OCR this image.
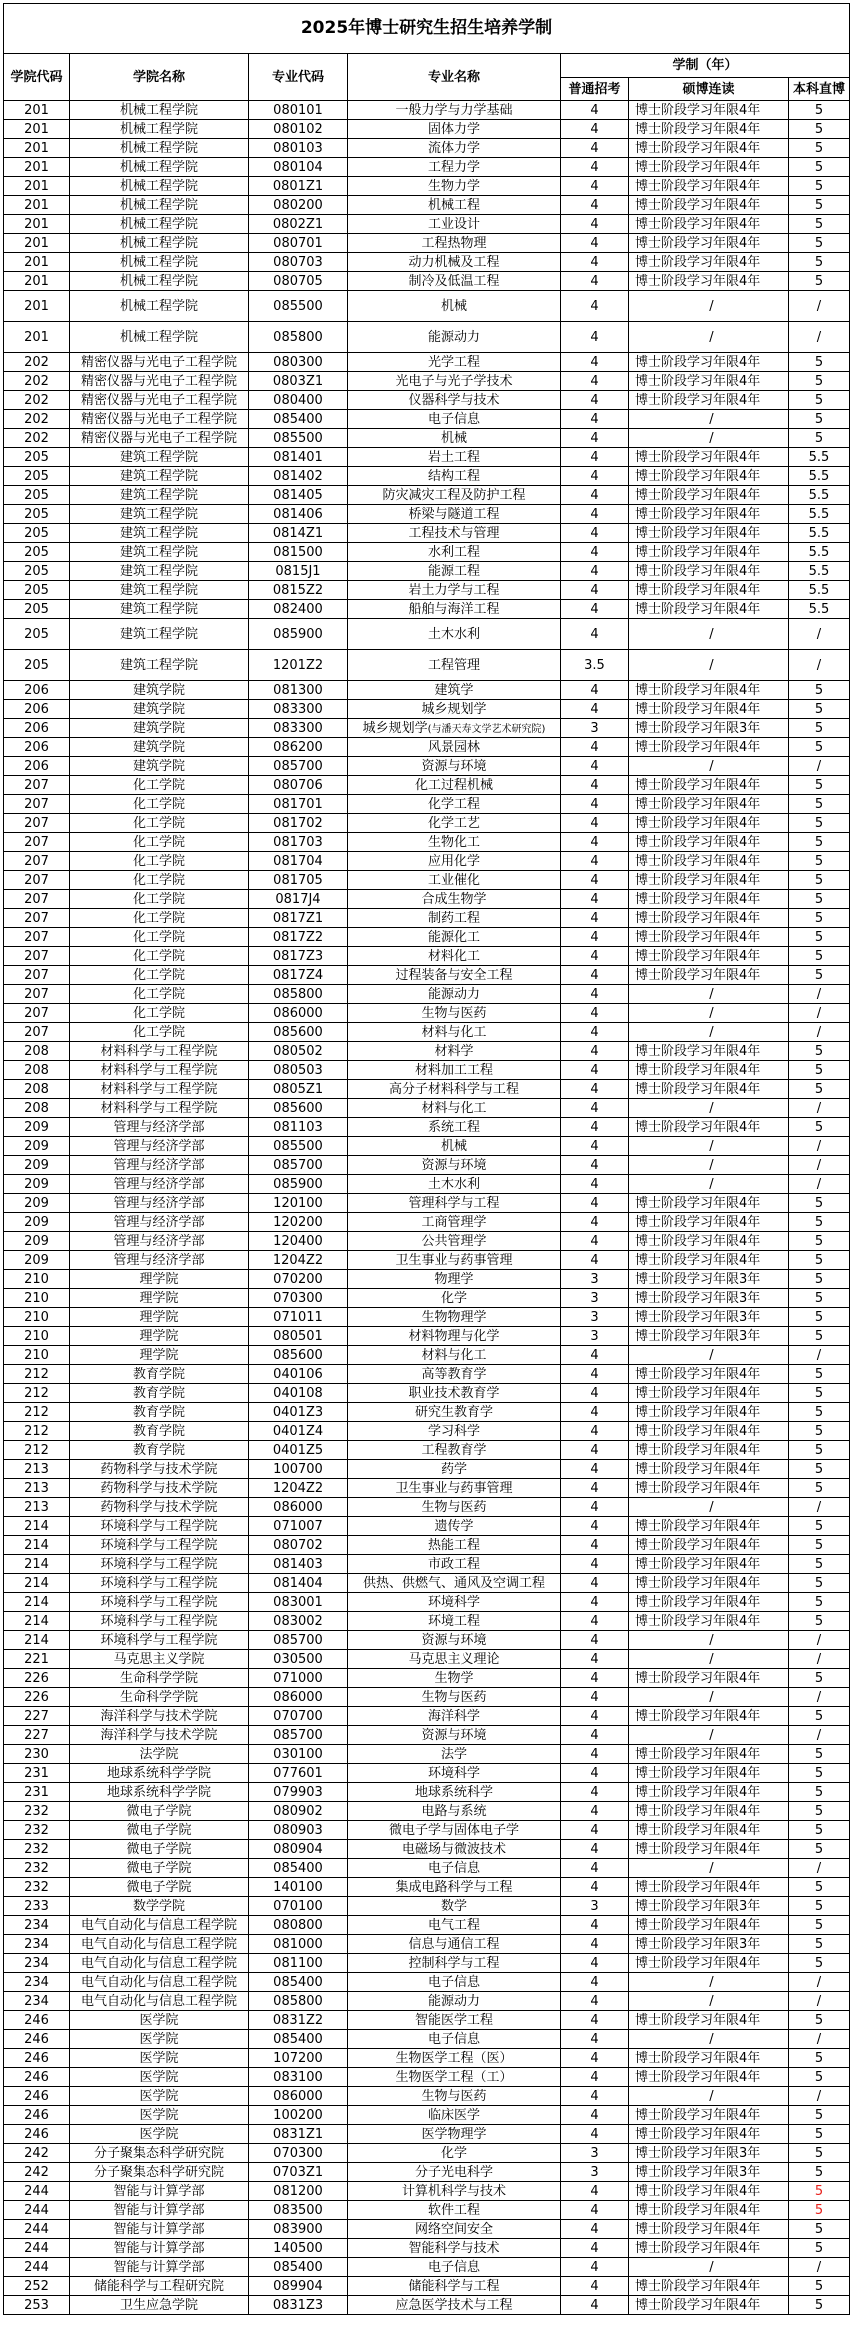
2025年博士研究生招生培养学制						
学院代码	学院名称	专业代码	专业名称	学制（年）		
				普通招考	硕博连读	本科直博
201	机械工程学院	080101	一般力学与力学基础	4	博士阶段学习年限4年	5
201	机械工程学院	080102	固体力学	4	博士阶段学习年限4年	5
201	机械工程学院	080103	流体力学	4	博士阶段学习年限4年	5
201	机械工程学院	080104	工程力学	4	博士阶段学习年限4年	5
201	机械工程学院	0801Z1	生物力学	4	博士阶段学习年限4年	5
201	机械工程学院	080200	机械工程	4	博士阶段学习年限4年	5
201	机械工程学院	0802Z1	工业设计	4	博士阶段学习年限4年	5
201	机械工程学院	080701	工程热物理	4	博士阶段学习年限4年	5
201	机械工程学院	080703	动力机械及工程	4	博士阶段学习年限4年	5
201	机械工程学院	080705	制冷及低温工程	4	博士阶段学习年限4年	5
201	机械工程学院	085500	机械	4	/	/
201	机械工程学院	085800	能源动力	4	/	/
202	精密仪器与光电子工程学院	080300	光学工程	4	博士阶段学习年限4年	5
202	精密仪器与光电子工程学院	0803Z1	光电子与光子学技术	4	博士阶段学习年限4年	5
202	精密仪器与光电子工程学院	080400	仪器科学与技术	4	博士阶段学习年限4年	5
202	精密仪器与光电子工程学院	085400	电子信息	4	/	5
202	精密仪器与光电子工程学院	085500	机械	4	/	5
205	建筑工程学院	081401	岩土工程	4	博士阶段学习年限4年	5.5
205	建筑工程学院	081402	结构工程	4	博士阶段学习年限4年	5.5
205	建筑工程学院	081405	防灾减灾工程及防护工程	4	博士阶段学习年限4年	5.5
205	建筑工程学院	081406	桥梁与隧道工程	4	博士阶段学习年限4年	5.5
205	建筑工程学院	0814Z1	工程技术与管理	4	博士阶段学习年限4年	5.5
205	建筑工程学院	081500	水利工程	4	博士阶段学习年限4年	5.5
205	建筑工程学院	0815J1	能源工程	4	博士阶段学习年限4年	5.5
205	建筑工程学院	0815Z2	岩土力学与工程	4	博士阶段学习年限4年	5.5
205	建筑工程学院	082400	船舶与海洋工程	4	博士阶段学习年限4年	5.5
205	建筑工程学院	085900	土木水利	4	/	/
205	建筑工程学院	1201Z2	工程管理	3.5	/	/
206	建筑学院	081300	建筑学	4	博士阶段学习年限4年	5
206	建筑学院	083300	城乡规划学	4	博士阶段学习年限4年	5
206	建筑学院	083300	城乡规划学(与潘天寿文学艺术研究院)	3	博士阶段学习年限3年	5
206	建筑学院	086200	风景园林	4	博士阶段学习年限4年	5
206	建筑学院	085700	资源与环境	4	/	/
207	化工学院	080706	化工过程机械	4	博士阶段学习年限4年	5
207	化工学院	081701	化学工程	4	博士阶段学习年限4年	5
207	化工学院	081702	化学工艺	4	博士阶段学习年限4年	5
207	化工学院	081703	生物化工	4	博士阶段学习年限4年	5
207	化工学院	081704	应用化学	4	博士阶段学习年限4年	5
207	化工学院	081705	工业催化	4	博士阶段学习年限4年	5
207	化工学院	0817J4	合成生物学	4	博士阶段学习年限4年	5
207	化工学院	0817Z1	制药工程	4	博士阶段学习年限4年	5
207	化工学院	0817Z2	能源化工	4	博士阶段学习年限4年	5
207	化工学院	0817Z3	材料化工	4	博士阶段学习年限4年	5
207	化工学院	0817Z4	过程装备与安全工程	4	博士阶段学习年限4年	5
207	化工学院	085800	能源动力	4	/	/
207	化工学院	086000	生物与医药	4	/	/
207	化工学院	085600	材料与化工	4	/	/
208	材料科学与工程学院	080502	材料学	4	博士阶段学习年限4年	5
208	材料科学与工程学院	080503	材料加工工程	4	博士阶段学习年限4年	5
208	材料科学与工程学院	0805Z1	高分子材料科学与工程	4	博士阶段学习年限4年	5
208	材料科学与工程学院	085600	材料与化工	4	/	/
209	管理与经济学部	081103	系统工程	4	博士阶段学习年限4年	5
209	管理与经济学部	085500	机械	4	/	/
209	管理与经济学部	085700	资源与环境	4	/	/
209	管理与经济学部	085900	土木水利	4	/	/
209	管理与经济学部	120100	管理科学与工程	4	博士阶段学习年限4年	5
209	管理与经济学部	120200	工商管理学	4	博士阶段学习年限4年	5
209	管理与经济学部	120400	公共管理学	4	博士阶段学习年限4年	5
209	管理与经济学部	1204Z2	卫生事业与药事管理	4	博士阶段学习年限4年	5
210	理学院	070200	物理学	3	博士阶段学习年限3年	5
210	理学院	070300	化学	3	博士阶段学习年限3年	5
210	理学院	071011	生物物理学	3	博士阶段学习年限3年	5
210	理学院	080501	材料物理与化学	3	博士阶段学习年限3年	5
210	理学院	085600	材料与化工	4	/	/
212	教育学院	040106	高等教育学	4	博士阶段学习年限4年	5
212	教育学院	040108	职业技术教育学	4	博士阶段学习年限4年	5
212	教育学院	0401Z3	研究生教育学	4	博士阶段学习年限4年	5
212	教育学院	0401Z4	学习科学	4	博士阶段学习年限4年	5
212	教育学院	0401Z5	工程教育学	4	博士阶段学习年限4年	5
213	药物科学与技术学院	100700	药学	4	博士阶段学习年限4年	5
213	药物科学与技术学院	1204Z2	卫生事业与药事管理	4	博士阶段学习年限4年	5
213	药物科学与技术学院	086000	生物与医药	4	/	/
214	环境科学与工程学院	071007	遗传学	4	博士阶段学习年限4年	5
214	环境科学与工程学院	080702	热能工程	4	博士阶段学习年限4年	5
214	环境科学与工程学院	081403	市政工程	4	博士阶段学习年限4年	5
214	环境科学与工程学院	081404	供热、供燃气、通风及空调工程	4	博士阶段学习年限4年	5
214	环境科学与工程学院	083001	环境科学	4	博士阶段学习年限4年	5
214	环境科学与工程学院	083002	环境工程	4	博士阶段学习年限4年	5
214	环境科学与工程学院	085700	资源与环境	4	/	/
221	马克思主义学院	030500	马克思主义理论	4	/	/
226	生命科学学院	071000	生物学	4	博士阶段学习年限4年	5
226	生命科学学院	086000	生物与医药	4	/	/
227	海洋科学与技术学院	070700	海洋科学	4	博士阶段学习年限4年	5
227	海洋科学与技术学院	085700	资源与环境	4	/	/
230	法学院	030100	法学	4	博士阶段学习年限4年	5
231	地球系统科学学院	077601	环境科学	4	博士阶段学习年限4年	5
231	地球系统科学学院	079903	地球系统科学	4	博士阶段学习年限4年	5
232	微电子学院	080902	电路与系统	4	博士阶段学习年限4年	5
232	微电子学院	080903	微电子学与固体电子学	4	博士阶段学习年限4年	5
232	微电子学院	080904	电磁场与微波技术	4	博士阶段学习年限4年	5
232	微电子学院	085400	电子信息	4	/	/
232	微电子学院	140100	集成电路科学与工程	4	博士阶段学习年限4年	5
233	数学学院	070100	数学	3	博士阶段学习年限3年	5
234	电气自动化与信息工程学院	080800	电气工程	4	博士阶段学习年限4年	5
234	电气自动化与信息工程学院	081000	信息与通信工程	4	博士阶段学习年限3年	5
234	电气自动化与信息工程学院	081100	控制科学与工程	4	博士阶段学习年限4年	5
234	电气自动化与信息工程学院	085400	电子信息	4	/	/
234	电气自动化与信息工程学院	085800	能源动力	4	/	/
246	医学院	0831Z2	智能医学工程	4	博士阶段学习年限4年	5
246	医学院	085400	电子信息	4	/	/
246	医学院	107200	生物医学工程（医）	4	博士阶段学习年限4年	5
246	医学院	083100	生物医学工程（工）	4	博士阶段学习年限4年	5
246	医学院	086000	生物与医药	4	/	/
246	医学院	100200	临床医学	4	博士阶段学习年限4年	5
246	医学院	0831Z1	医学物理学	4	博士阶段学习年限4年	5
242	分子聚集态科学研究院	070300	化学	3	博士阶段学习年限3年	5
242	分子聚集态科学研究院	0703Z1	分子光电科学	3	博士阶段学习年限3年	5
244	智能与计算学部	081200	计算机科学与技术	4	博士阶段学习年限4年	5
244	智能与计算学部	083500	软件工程	4	博士阶段学习年限4年	5
244	智能与计算学部	083900	网络空间安全	4	博士阶段学习年限4年	5
244	智能与计算学部	140500	智能科学与技术	4	博士阶段学习年限4年	5
244	智能与计算学部	085400	电子信息	4	/	/
252	储能科学与工程研究院	089904	储能科学与工程	4	博士阶段学习年限4年	5
253	卫生应急学院	0831Z3	应急医学技术与工程	4	博士阶段学习年限4年	5
